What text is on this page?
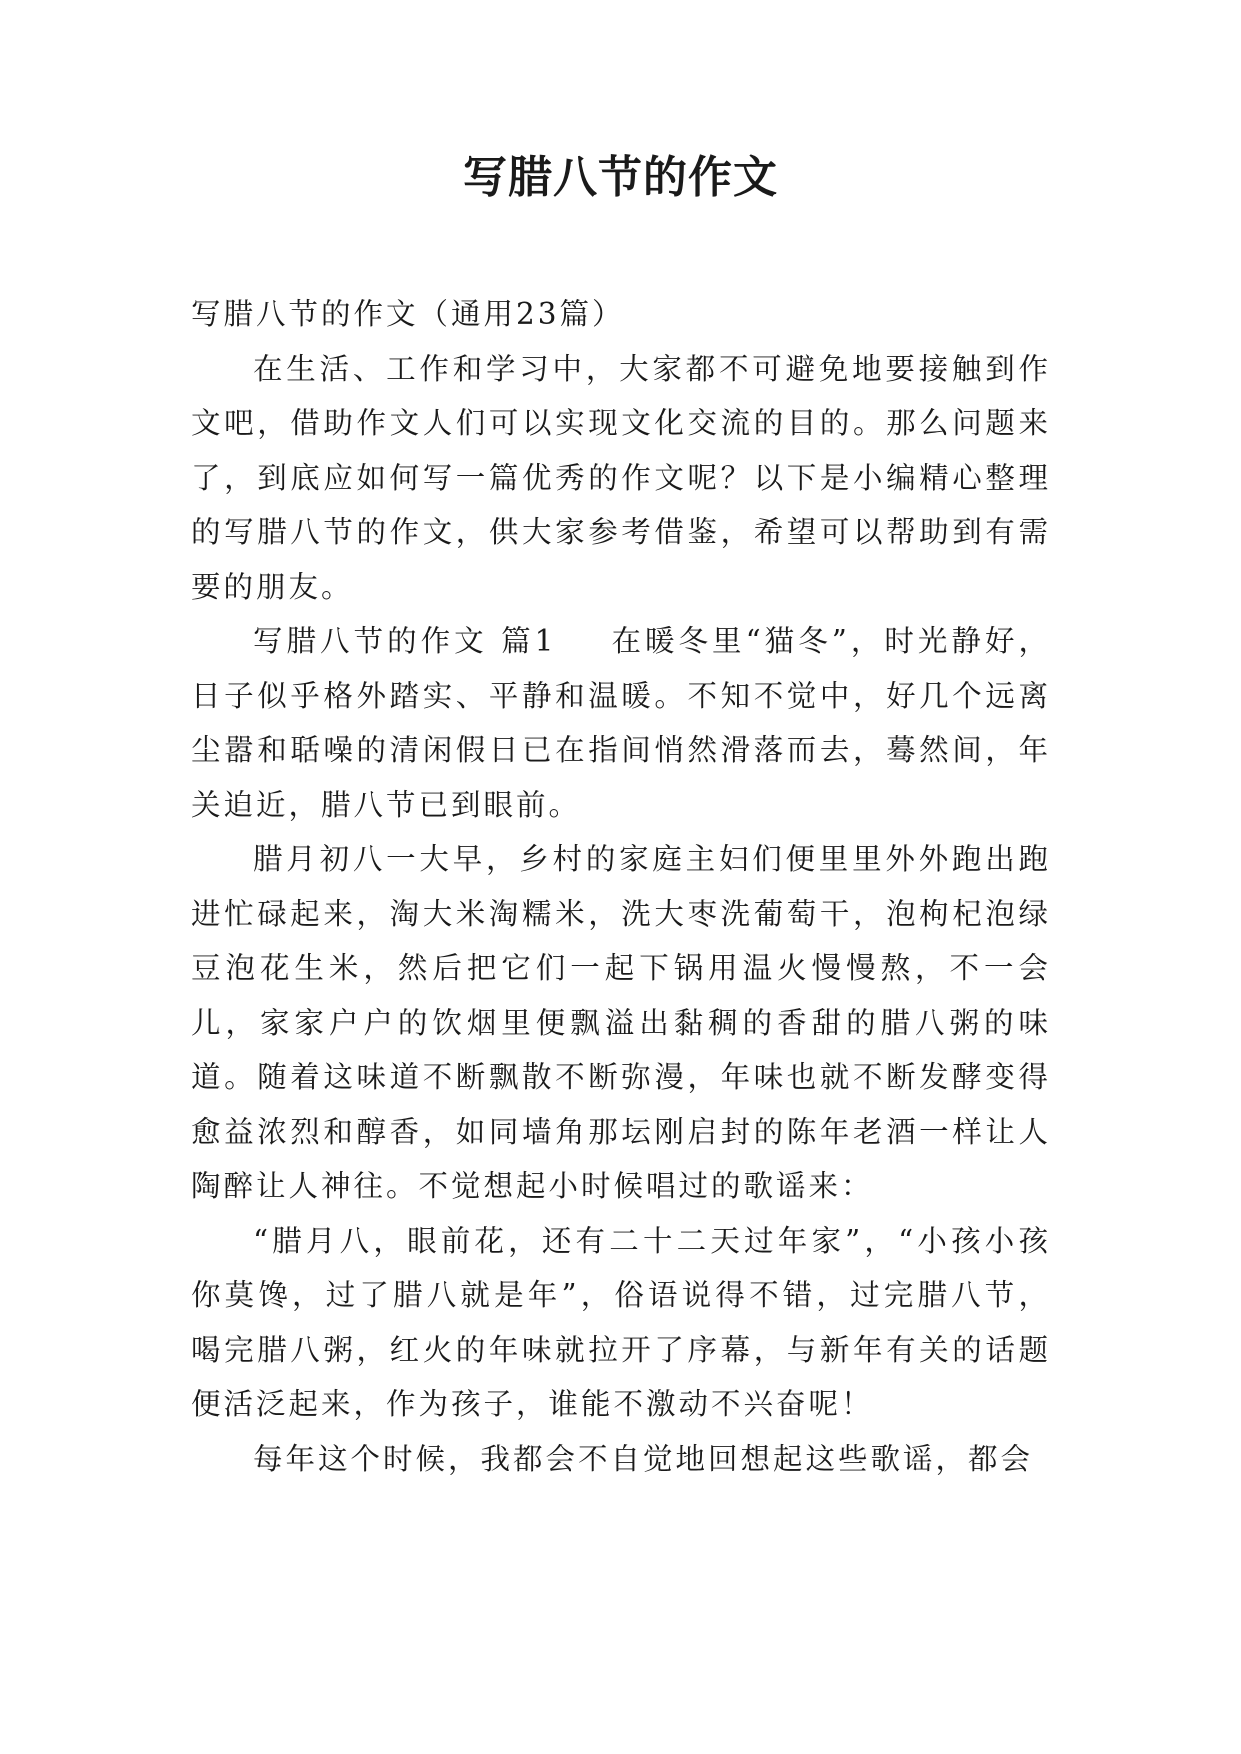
写腊八节的作文

写腊八节的作文（通用23篇）

在生活、工作和学习中，大家都不可避免地要接触到作文吧，借助作文人们可以实现文化交流的目的。那么问题来了，到底应如何写一篇优秀的作文呢？以下是小编精心整理的写腊八节的作文，供大家参考借鉴，希望可以帮助到有需要的朋友。

写腊八节的作文 篇1 在暖冬里“猫冬”，时光静好，日子似乎格外踏实、平静和温暖。不知不觉中，好几个远离尘嚣和聒噪的清闲假日已在指间悄然滑落而去，蓦然间，年关迫近，腊八节已到眼前。

腊月初八一大早，乡村的家庭主妇们便里里外外跑出跑进忙碌起来，淘大米淘糯米，洗大枣洗葡萄干，泡枸杞泡绿豆泡花生米，然后把它们一起下锅用温火慢慢熬，不一会儿，家家户户的饮烟里便飘溢出黏稠的香甜的腊八粥的味道。随着这味道不断飘散不断弥漫，年味也就不断发酵变得愈益浓烈和醇香，如同墙角那坛刚启封的陈年老酒一样让人陶醉让人神往。不觉想起小时候唱过的歌谣来：

“腊月八，眼前花，还有二十二天过年家”，“小孩小孩你莫馋，过了腊八就是年”，俗语说得不错，过完腊八节，喝完腊八粥，红火的年味就拉开了序幕，与新年有关的话题便活泛起来，作为孩子，谁能不激动不兴奋呢！

每年这个时候，我都会不自觉地回想起这些歌谣，都会
